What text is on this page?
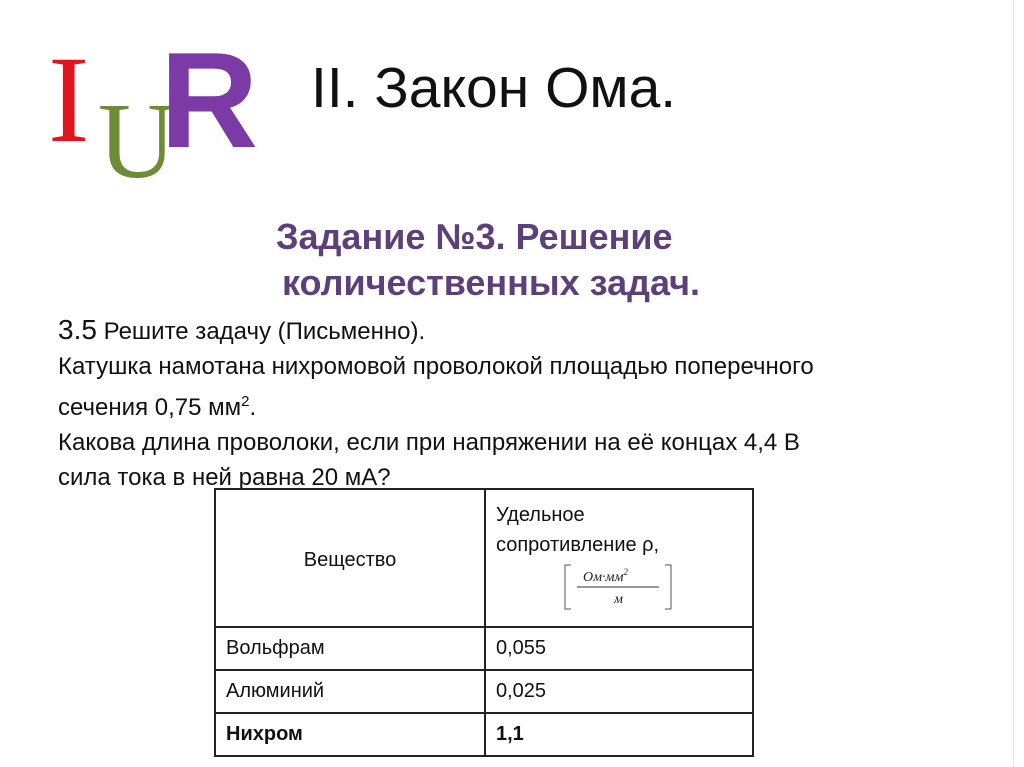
I U
R II. Закон Ома.
Задание №3. Решение
количественных задач.
3.5 Решите задачу (Письменно).
Катушка намотана нихромовой проволокой площадью поперечного
сечения 0,75 $мм^2$.
Какова длина проволоки, если при напряжении на её концах 4,4 В
сила тока в ней равна 20 мА?
Вещество	Удельное
сопротивление ρ,
$Ом\cdot мм^2$
м

Вольфрам	0,055
Алюминий	0,025
Нихром	1,1
